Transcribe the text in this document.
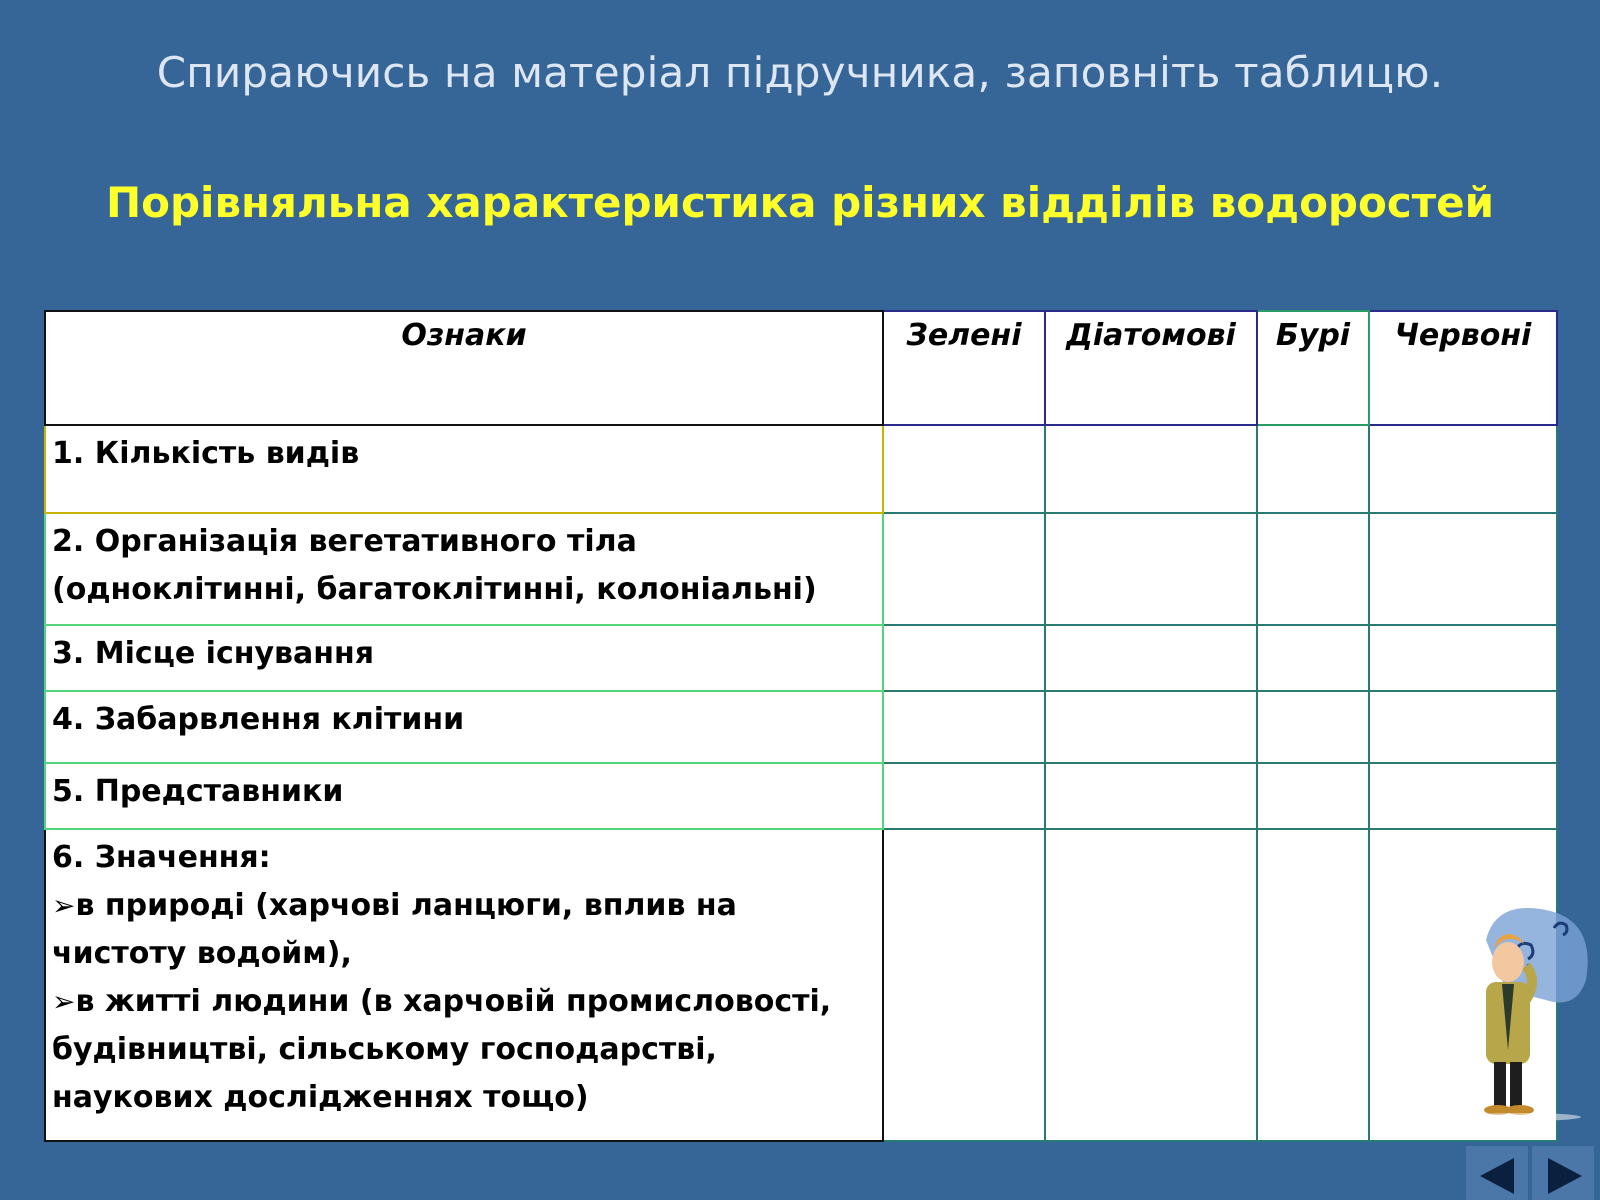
Спираючись на матеріал підручника, заповніть таблицю.
Порівняльна характеристика різних відділів водоростей
Ознаки	Зелені	Діатомові	Бурі	Червоні
1. Кількість видів				
2. Організація вегетативного тіла (одноклітинні, багатоклітинні, колоніальні)				
3. Місце існування				
4. Забарвлення клітини				
5. Представники				

6. Значення:
➢в природі (харчові ланцюги, вплив на чистоту водойм),
➢в житті людини (в харчовій промисловості, будівництві, сільському господарстві, наукових дослідженнях тощо)				
